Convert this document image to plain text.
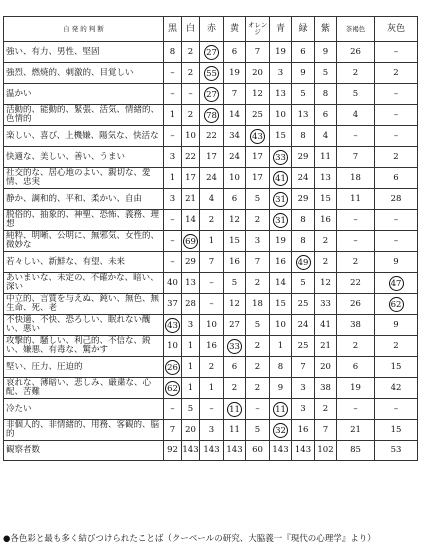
自 発 的 判 断	黒	白	赤	黄	オレンジ	青	緑	紫	茶褐色	灰色
強い、有力、男性、堅固	8	2	27	6	7	19	6	9	26	–
強烈、燃焼的、刺激的、目覚しい	–	2	55	19	20	3	9	5	2	2
温かい	–	–	27	7	12	13	5	8	5	–
活動的、能動的、緊張、活気、情緒的、色情的	1	2	78	14	25	10	13	6	4	–
楽しい、喜び、上機嫌、陽気な、快活な	–	10	22	34	43	15	8	4	–	–
快適な、美しい、善い、うまい	3	22	17	24	17	33	29	11	7	2
社交的な、居心地のよい、親切な、愛情、忠実	1	17	24	10	17	41	24	13	18	6
静か、調和的、平和、柔かい、自由	3	21	4	6	5	31	29	15	11	28
脱俗的、抽象的、神聖、恐怖、義務、理想	–	14	2	12	2	31	8	16	–	–
純粋、明晰、公明に、無邪気、女性的、微妙な	–	69	1	15	3	19	8	2	–	–
若々しい、新鮮な、有望、未来	–	29	7	16	7	16	49	2	2	9
あいまいな、未定の、不確かな、暗い、深い	40	13	–	5	2	14	5	12	22	47
中立的、言質を与えぬ、鈍い、無色、無生命、死、老	37	28	–	12	18	15	25	33	26	62
不快適、不快、恐ろしい、眠れない醜い、悪い	43	3	10	27	5	10	24	41	38	9
攻撃的、騒しい、利己的、不信な、鋭い、嫌悪、有毒な、驚かす	10	1	16	33	2	1	25	21	2	2
堅い、圧力、圧迫的	26	1	2	6	2	8	7	20	6	15
哀れな、薄暗い、悲しみ、厳粛な、心配、苦難	62	1	1	2	2	9	3	38	19	42
冷たい	–	5	–	11	–	11	3	2	–	–
非個人的、非情緒的、用務、客観的、脳的	7	20	3	11	5	32	16	7	21	15
観察者数	92	143	143	143	60	143	143	102	85	53
●各色彩と最も多く結びつけられたことば（クーベールの研究、大脇義一『現代の心理学』より）
